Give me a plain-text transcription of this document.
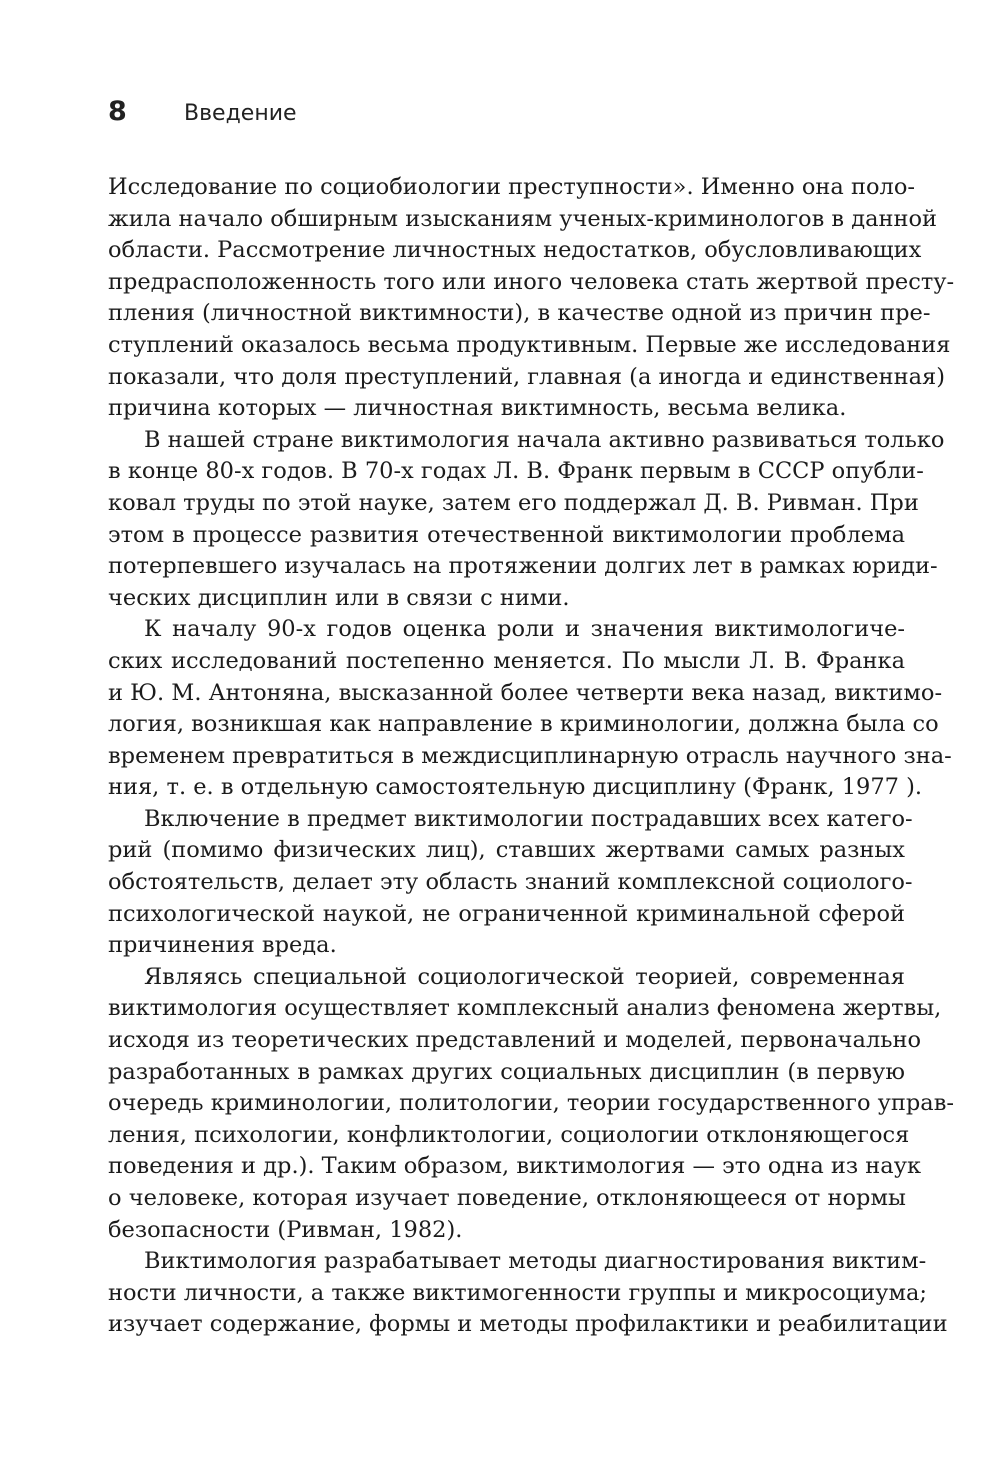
8	Введение
Исследование по социобиологии преступности». Именно она поло-
жила начало обширным изысканиям ученых-криминологов в данной
области. Рассмотрение личностных недостатков, обусловливающих
предрасположенность того или иного человека стать жертвой престу-
пления (личностной виктимности), в качестве одной из причин пре-
ступлений оказалось весьма продуктивным. Первые же исследования
показали, что доля преступлений, главная (а иногда и единственная)
причина которых — личностная виктимность, весьма велика.
В нашей стране виктимология начала активно развиваться только
в конце 80-х годов. В 70-х годах Л. В. Франк первым в СССР опубли-
ковал труды по этой науке, затем его поддержал Д. В. Ривман. При
этом в процессе развития отечественной виктимологии проблема
потерпевшего изучалась на протяжении долгих лет в рамках юриди-
ческих дисциплин или в связи с ними.
К началу 90-х годов оценка роли и значения виктимологиче-
ских исследований постепенно меняется. По мысли Л. В. Франка
и Ю. М. Антоняна, высказанной более четверти века назад, виктимо-
логия, возникшая как направление в криминологии, должна была со
временем превратиться в междисциплинарную отрасль научного зна-
ния, т. е. в отдельную самостоятельную дисциплину (Франк, 1977 ).
Включение в предмет виктимологии пострадавших всех катего-
рий (помимо физических лиц), ставших жертвами самых разных
обстоятельств, делает эту область знаний комплексной социолого-
психологической наукой, не ограниченной криминальной сферой
причинения вреда.
Являясь специальной социологической теорией, современная
виктимология осуществляет комплексный анализ феномена жертвы,
исходя из теоретических представлений и моделей, первоначально
разработанных в рамках других социальных дисциплин (в первую
очередь криминологии, политологии, теории государственного управ-
ления, психологии, конфликтологии, социологии отклоняющегося
поведения и др.). Таким образом, виктимология — это одна из наук
о человеке, которая изучает поведение, отклоняющееся от нормы
безопасности (Ривман, 1982).
Виктимология разрабатывает методы диагностирования виктим-
ности личности, а также виктимогенности группы и микросоциума;
изучает содержание, формы и методы профилактики и реабилитации
